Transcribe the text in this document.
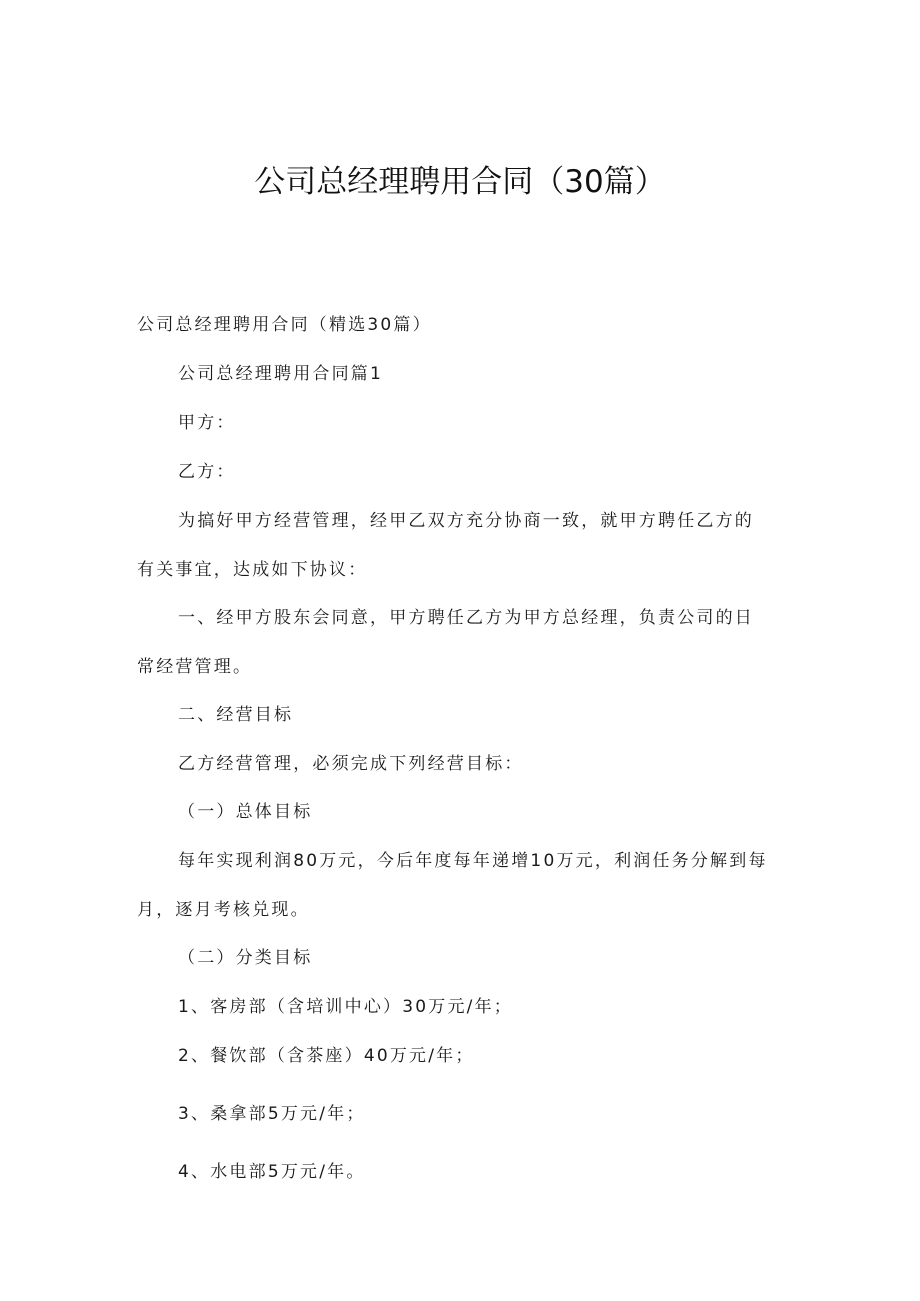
公司总经理聘用合同（30篇）
公司总经理聘用合同（精选30篇）
公司总经理聘用合同篇1
甲方：
乙方：
为搞好甲方经营管理，经甲乙双方充分协商一致，就甲方聘任乙方的
有关事宜，达成如下协议：
一、经甲方股东会同意，甲方聘任乙方为甲方总经理，负责公司的日
常经营管理。
二、经营目标
乙方经营管理，必须完成下列经营目标：
（一）总体目标
每年实现利润80万元，今后年度每年递增10万元，利润任务分解到每
月，逐月考核兑现。
（二）分类目标
1、客房部（含培训中心）30万元/年；
2、餐饮部（含茶座）40万元/年；
3、桑拿部5万元/年；
4、水电部5万元/年。
